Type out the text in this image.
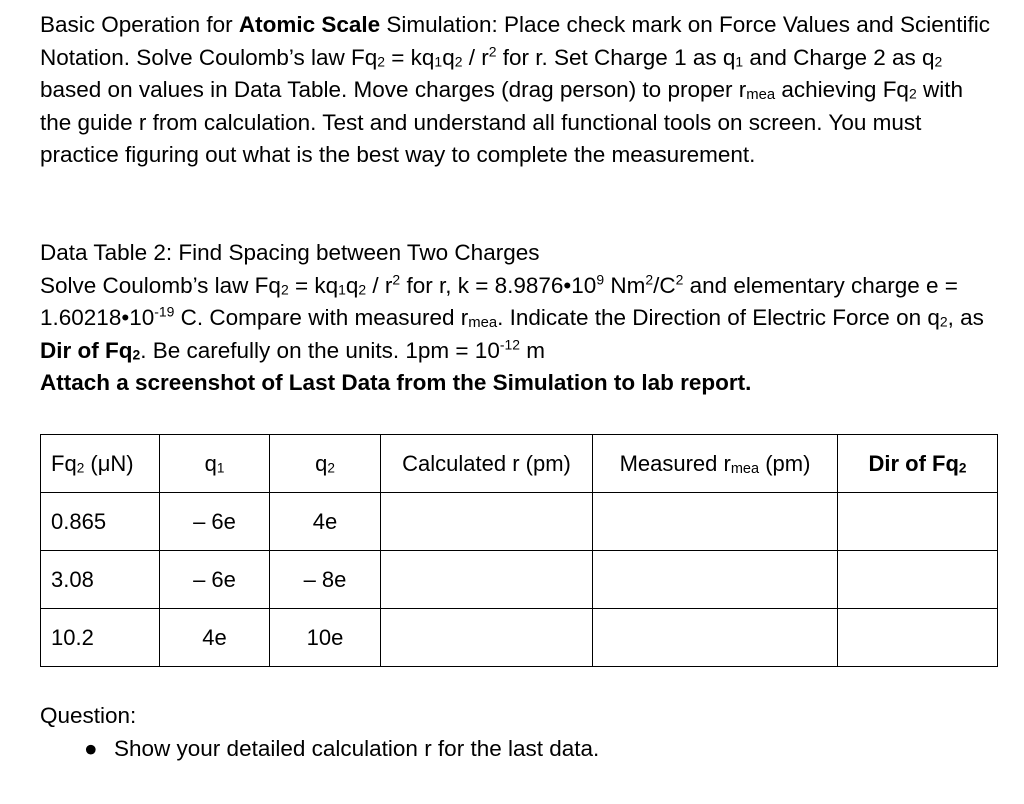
Basic Operation for Atomic Scale Simulation: Place check mark on Force Values and Scientific Notation. Solve Coulomb’s law $Fq_2 = kq_1q_2 / r^2$ for r. Set Charge 1 as $q_1$ and Charge 2 as $q_2$ based on values in Data Table. Move charges (drag person) to proper $r_{mea}$ achieving $Fq_2$ with the guide r from calculation. Test and understand all functional tools on screen. You must practice figuring out what is the best way to complete the measurement.

Data Table 2: Find Spacing between Two Charges

Solve Coulomb’s law $Fq_2 = kq_1q_2 / r^2$ for r, $k = 8.9876•10^9$ $Nm^2/C^2$ and elementary charge $e = 1.60218•10^{-19}$ C. Compare with measured $r_{mea}$. Indicate the Direction of Electric Force on $q_2$, as Dir of $Fq_2$. Be carefully on the units. $1pm = 10^{-12}$ m

Attach a screenshot of Last Data from the Simulation to lab report.

$Fq_2$ (μN)	$q_1$	$q_2$	Calculated r (pm)	Measured $r_{mea}$ (pm)	Dir of $Fq_2$
0.865	– 6e	4e			
3.08	– 6e	– 8e			
10.2	4e	10e			
Question:
● Show your detailed calculation r for the last data.
